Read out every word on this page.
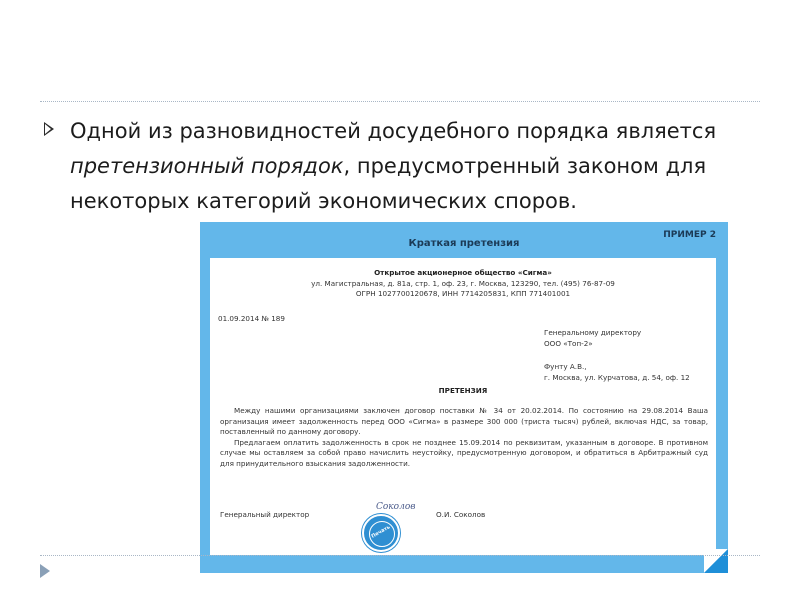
Одной из разновидностей досудебного порядка является претензионный порядок, предусмотренный законом для некоторых категорий экономических споров.
ПРИМЕР 2
Краткая претензия
Открытое акционерное общество «Сигма»
ул. Магистральная, д. 81а, стр. 1, оф. 23, г. Москва, 123290, тел. (495) 76-87-09
ОГРН 1027700120678, ИНН 7714205831, КПП 771401001
01.09.2014 № 189
Генеральному директору
ООО «Топ-2»
Фунту А.В.,
г. Москва, ул. Курчатова, д. 54, оф. 12
ПРЕТЕНЗИЯ

Между нашими организациями заключен договор поставки № 34 от 20.02.2014. По состоянию на 29.08.2014 Ваша организация имеет задолженность перед ООО «Сигма» в размере 300 000 (триста тысяч) рублей, включая НДС, за товар, поставленный по данному договору.

Предлагаем оплатить задолженность в срок не позднее 15.09.2014 по реквизитам, указанным в договоре. В противном случае мы оставляем за собой право начислить неустойку, предусмотренную договором, и обратиться в Арбитражный суд для принудительного взыскания задолженности.

Генеральный директор
Соколов
Печать
О.И. Соколов
